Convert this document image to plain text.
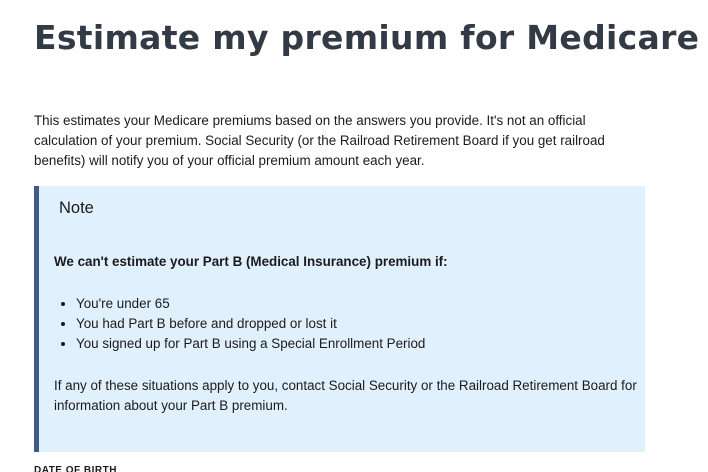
Estimate my premium for Medicare

This estimates your Medicare premiums based on the answers you provide. It's not an official calculation of your premium. Social Security (or the Railroad Retirement Board if you get railroad benefits) will notify you of your official premium amount each year.

Note

We can't estimate your Part B (Medical Insurance) premium if:

• You're under 65
• You had Part B before and dropped or lost it
• You signed up for Part B using a Special Enrollment Period

If any of these situations apply to you, contact Social Security or the Railroad Retirement Board for information about your Part B premium.

DATE OF BIRTH
